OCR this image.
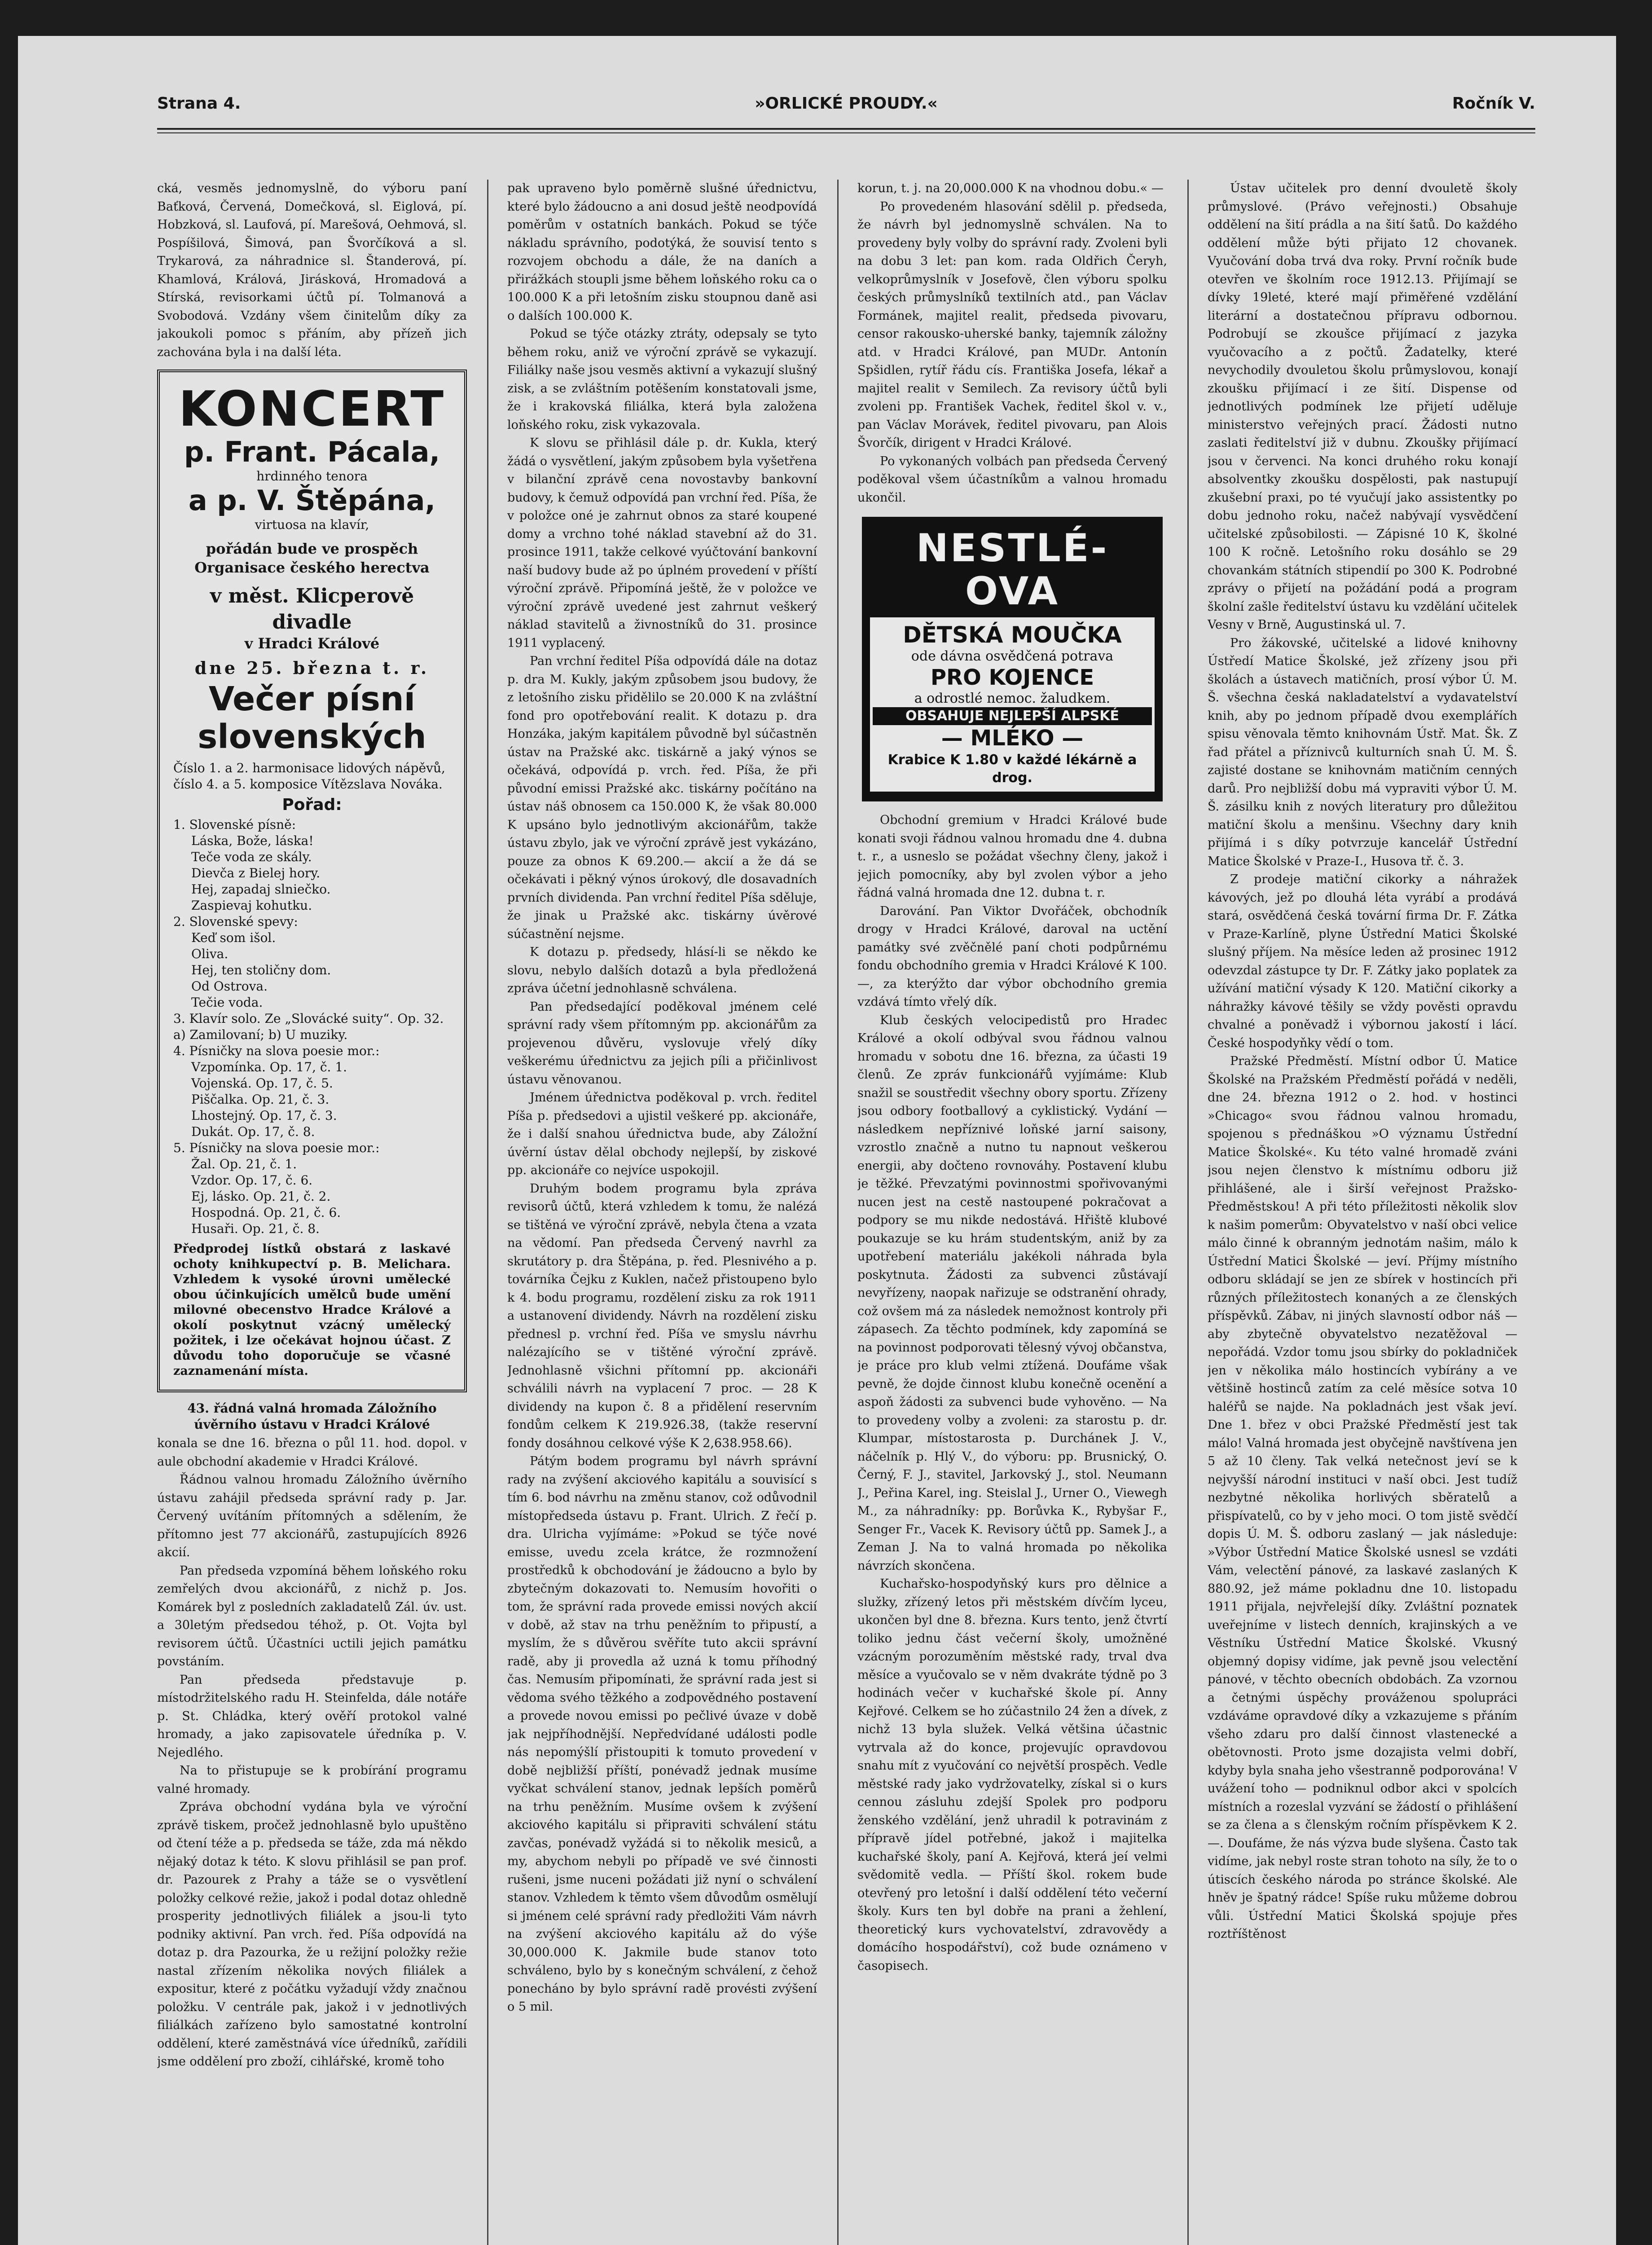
Strana 4.	»ORLICKÉ PROUDY.«	Ročník V.

cká, vesměs jednomyslně, do výboru paní Baťková, Červená, Domečková, sl. Eiglová, pí. Hobzková, sl. Laufová, pí. Marešová, Oehmová, sl. Pospíšilová, Šimová, pan Švorčíková a sl. Trykarová, za náhradnice sl. Štanderová, pí. Khamlová, Králová, Jirásková, Hromadová a Stírská, revisorkami účtů pí. Tolmanová a Svobodová. Vzdány všem činitelům díky za jakoukoli pomoc s přáním, aby přízeň jich zachována byla i na další léta.

KONCERT
p. Frant. Pácala,
hrdinného tenora
a p. V. Štěpána,
virtuosa na klavír,
pořádán bude ve prospěch Organisace českého herectva
v měst. Klicperově divadle
v Hradci Králové
dne 25. března t. r.
Večer písní
slovenských
Číslo 1. a 2. harmonisace lidových nápěvů, číslo 4. a 5. komposice Vítězslava Nováka.
Pořad:
1. Slovenské písně:
Láska, Bože, láska!
Teče voda ze skály.
Dievča z Bielej hory.
Hej, zapadaj slniečko.
Zaspievaj kohutku.
2. Slovenské spevy:
Keď som išol.
Oliva.
Hej, ten stoličny dom.
Od Ostrova.
Tečie voda.
3. Klavír solo. Ze „Slovácké suity“. Op. 32. a) Zamilovaní; b) U muziky.
4. Písničky na slova poesie mor.:
Vzpomínka. Op. 17, č. 1.
Vojenská. Op. 17, č. 5.
Piščalka. Op. 21, č. 3.
Lhostejný. Op. 17, č. 3.
Dukát. Op. 17, č. 8.
5. Písničky na slova poesie mor.:
Žal. Op. 21, č. 1.
Vzdor. Op. 17, č. 6.
Ej, lásko. Op. 21, č. 2.
Hospodná. Op. 21, č. 6.
Husaři. Op. 21, č. 8.
Předprodej lístků obstará z laskavé ochoty knihkupectví p. B. Melichara. Vzhledem k vysoké úrovni umělecké obou účinkujících umělců bude umění milovné obecenstvo Hradce Králové a okolí poskytnut vzácný umělecký požitek, i lze očekávat hojnou účast. Z důvodu toho doporučuje se včasné zaznamenání místa.
43. řádná valná hromada Záložního úvěrního ústavu v Hradci Králové

konala se dne 16. března o půl 11. hod. dopol. v aule obchodní akademie v Hradci Králové.

Řádnou valnou hromadu Záložního úvěrního ústavu zahájil předseda správní rady p. Jar. Červený uvítáním přítomných a sdělením, že přítomno jest 77 akcionářů, zastupujících 8926 akcií.

Pan předseda vzpomíná během loňského roku zemřelých dvou akcionářů, z nichž p. Jos. Komárek byl z posledních zakladatelů Zál. úv. ust. a 30letým předsedou téhož, p. Ot. Vojta byl revisorem účtů. Účastníci uctili jejich památku povstáním.

Pan předseda představuje p. místodržitelského radu H. Steinfelda, dále notáře p. St. Chládka, který ověří protokol valné hromady, a jako zapisovatele úředníka p. V. Nejedlého.

Na to přistupuje se k probírání programu valné hromady.

Zpráva obchodní vydána byla ve výroční zprávě tiskem, pročež jednohlasně bylo upuštěno od čtení téže a p. předseda se táže, zda má někdo nějaký dotaz k této. K slovu přihlásil se pan prof. dr. Pazourek z Prahy a táže se o vysvětlení položky celkové režie, jakož i podal dotaz ohledně prosperity jednotlivých filiálek a jsou-li tyto podniky aktivní. Pan vrch. řed. Píša odpovídá na dotaz p. dra Pazourka, že u režijní položky režie nastal zřízením několika nových filiálek a expositur, které z počátku vyžadují vždy značnou položku. V centrále pak, jakož i v jednotlivých filiálkách zařízeno bylo samostatné kontrolní oddělení, které zaměstnává více úředníků, zařídili jsme oddělení pro zboží, cihlářské, kromě toho

pak upraveno bylo poměrně slušné úřednictvu, které bylo žádoucno a ani dosud ještě neodpovídá poměrům v ostatních bankách. Pokud se týče nákladu správního, podotýká, že souvisí tento s rozvojem obchodu a dále, že na daních a přirážkách stoupli jsme během loňského roku ca o 100.000 K a při letošním zisku stoupnou daně asi o dalších 100.000 K.

Pokud se týče otázky ztráty, odepsaly se tyto během roku, aniž ve výroční zprávě se vykazují. Filiálky naše jsou vesměs aktivní a vykazují slušný zisk, a se zvláštním potěšením konstatovali jsme, že i krakovská filiálka, která byla založena loňského roku, zisk vykazovala.

K slovu se přihlásil dále p. dr. Kukla, který žádá o vysvětlení, jakým způsobem byla vyšetřena v bilanční zprávě cena novostavby bankovní budovy, k čemuž odpovídá pan vrchní řed. Píša, že v položce oné je zahrnut obnos za staré koupené domy a vrchno tohé náklad stavební až do 31. prosince 1911, takže celkové vyúčtování bankovní naší budovy bude až po úplném provedení v příští výroční zprávě. Připomíná ještě, že v položce ve výroční zprávě uvedené jest zahrnut veškerý náklad stavitelů a živnostníků do 31. prosince 1911 vyplacený.

Pan vrchní ředitel Píša odpovídá dále na dotaz p. dra M. Kukly, jakým způsobem jsou budovy, že z letošního zisku přidělilo se 20.000 K na zvláštní fond pro opotřebování realit. K dotazu p. dra Honzáka, jakým kapitálem původně byl súčastněn ústav na Pražské akc. tiskárně a jaký výnos se očekává, odpovídá p. vrch. řed. Píša, že při původní emissi Pražské akc. tiskárny počítáno na ústav náš obnosem ca 150.000 K, že však 80.000 K upsáno bylo jednotlivým akcionářům, takže ústavu zbylo, jak ve výroční zprávě jest vykázáno, pouze za obnos K 69.200.— akcií a že dá se očekávati i pěkný výnos úrokový, dle dosavadních prvních dividenda. Pan vrchní ředitel Píša sděluje, že jinak u Pražské akc. tiskárny úvěrové súčastnění nejsme.

K dotazu p. předsedy, hlásí-li se někdo ke slovu, nebylo dalších dotazů a byla předložená zpráva účetní jednohlasně schválena.

Pan předsedající poděkoval jménem celé správní rady všem přítomným pp. akcionářům za projevenou důvěru, vyslovuje vřelý díky veškerému úřednictvu za jejich píli a přičinlivost ústavu věnovanou.

Jménem úřednictva poděkoval p. vrch. ředitel Píša p. předsedovi a ujistil veškeré pp. akcionáře, že i další snahou úřednictva bude, aby Záložní úvěrní ústav dělal obchody nejlepší, by ziskové pp. akcionáře co nejvíce uspokojil.

Druhým bodem programu byla zpráva revisorů účtů, která vzhledem k tomu, že nalézá se tištěná ve výroční zprávě, nebyla čtena a vzata na vědomí. Pan předseda Červený navrhl za skrutátory p. dra Štěpána, p. řed. Plesnivého a p. továrníka Čejku z Kuklen, načež přistoupeno bylo k 4. bodu programu, rozdělení zisku za rok 1911 a ustanovení dividendy. Návrh na rozdělení zisku přednesl p. vrchní řed. Píša ve smyslu návrhu nalézajícího se v tištěné výroční zprávě. Jednohlasně všichni přítomní pp. akcionáři schválili návrh na vyplacení 7 proc. — 28 K dividendy na kupon č. 8 a přidělení reservním fondům celkem K 219.926.38, (takže reservní fondy dosáhnou celkové výše K 2,638.958.66).

Pátým bodem programu byl návrh správní rady na zvýšení akciového kapitálu a souvisící s tím 6. bod návrhu na změnu stanov, což odůvodnil místopředseda ústavu p. Frant. Ulrich. Z řečí p. dra. Ulricha vyjímáme: »Pokud se týče nové emisse, uvedu zcela krátce, že rozmnožení prostředků k obchodování je žádoucno a bylo by zbytečným dokazovati to. Nemusím hovořiti o tom, že správní rada provede emissi nových akcií v době, až stav na trhu peněžním to připustí, a myslím, že s důvěrou svěříte tuto akcii správní radě, aby ji provedla až uzná k tomu příhodný čas. Nemusím připomínati, že správní rada jest si vědoma svého těžkého a zodpovědného postavení a provede novou emissi po pečlivé úvaze v době jak nejpříhodnější. Nepředvídané události podle nás nepomýšlí přistoupiti k tomuto provedení v době nejbližší příští, ponévadž jednak musíme vyčkat schválení stanov, jednak lepších poměrů na trhu peněžním. Musíme ovšem k zvýšení akciového kapitálu si připraviti schválení státu zavčas, ponévadž vyžádá si to několik mesiců, a my, abychom nebyli po případě ve své činnosti rušeni, jsme nuceni požádati již nyní o schválení stanov. Vzhledem k těmto všem důvodům osmělují si jménem celé správní rady předložiti Vám návrh na zvýšení akciového kapitálu až do výše 30,000.000 K. Jakmile bude stanov toto schváleno, bylo by s konečným schválení, z čehož ponecháno by bylo správní radě provésti zvýšení o 5 mil.

korun, t. j. na 20,000.000 K na vhodnou dobu.« —

Po provedeném hlasování sdělil p. předseda, že návrh byl jednomyslně schválen. Na to provedeny byly volby do správní rady. Zvoleni byli na dobu 3 let: pan kom. rada Oldřich Čeryh, velkoprůmyslník v Josefově, člen výboru spolku českých průmyslníků textilních atd., pan Václav Formánek, majitel realit, předseda pivovaru, censor rakousko-uherské banky, tajemník záložny atd. v Hradci Králové, pan MUDr. Antonín Spšidlen, rytíř řádu cís. Františka Josefa, lékař a majitel realit v Semilech. Za revisory účtů byli zvoleni pp. František Vachek, ředitel škol v. v., pan Václav Morávek, ředitel pivovaru, pan Alois Švorčík, dirigent v Hradci Králové.

Po vykonaných volbách pan předseda Červený poděkoval všem účastníkům a valnou hromadu ukončil.

NESTLÉ-OVA
DĚTSKÁ MOUČKA
ode dávna osvědčená potrava
PRO KOJENCE
a odrostlé nemoc. žaludkem.
OBSAHUJE NEJLEPŠÍ ALPSKÉ
— MLÉKO —
Krabice K 1.80 v každé lékárně a drog.

Obchodní gremium v Hradci Králové bude konati svoji řádnou valnou hromadu dne 4. dubna t. r., a usneslo se požádat všechny členy, jakož i jejich pomocníky, aby byl zvolen výbor a jeho řádná valná hromada dne 12. dubna t. r.

Darování. Pan Viktor Dvořáček, obchodník drogy v Hradci Králové, daroval na uctění památky své zvěčnělé paní choti podpůrnému fondu obchodního gremia v Hradci Králové K 100.—, za kterýžto dar výbor obchodního gremia vzdává tímto vřelý dík.

Klub českých velocipedistů pro Hradec Králové a okolí odbýval svou řádnou valnou hromadu v sobotu dne 16. března, za účasti 19 členů. Ze zpráv funkcionářů vyjímáme: Klub snažil se soustředit všechny obory sportu. Zřízeny jsou odbory footballový a cyklistický. Vydání — následkem nepříznivé loňské jarní saisony, vzrostlo značně a nutno tu napnout veškerou energii, aby dočteno rovnováhy. Postavení klubu je těžké. Převzatými povinnostmi spořivovanými nucen jest na cestě nastoupené pokračovat a podpory se mu nikde nedostává. Hřiště klubové poukazuje se ku hrám studentským, aniž by za upotřebení materiálu jakékoli náhrada byla poskytnuta. Žádosti za subvenci zůstávají nevyřízeny, naopak nařizuje se odstranění ohrady, což ovšem má za následek nemožnost kontroly při zápasech. Za těchto podmínek, kdy zapomíná se na povinnost podporovati tělesný vývoj občanstva, je práce pro klub velmi ztížená. Doufáme však pevně, že dojde činnost klubu konečně ocenění a aspoň žádosti za subvenci bude vyhověno. — Na to provedeny volby a zvoleni: za starostu p. dr. Klumpar, místostarosta p. Durchánek J. V., náčelník p. Hlý V., do výboru: pp. Brusnický, O. Černý, F. J., stavitel, Jarkovský J., stol. Neumann J., Peřina Karel, ing. Steislal J., Urner O., Viewegh M., za náhradníky: pp. Borůvka K., Rybyšar F., Senger Fr., Vacek K. Revisory účtů pp. Samek J., a Zeman J. Na to valná hromada po několika návrzích skončena.

Kuchařsko-hospodyňský kurs pro dělnice a služky, zřízený letos při městském dívčím lyceu, ukončen byl dne 8. března. Kurs tento, jenž čtvrtí toliko jednu část večerní školy, umožněné vzácným porozuměním městské rady, trval dva měsíce a vyučovalo se v něm dvakráte týdně po 3 hodinách večer v kuchařské škole pí. Anny Kejřové. Celkem se ho zúčastnilo 24 žen a dívek, z nichž 13 byla služek. Velká většina účastnic vytrvala až do konce, projevujíc opravdovou snahu mít z vyučování co největší prospěch. Vedle městské rady jako vydržovatelky, získal si o kurs cennou zásluhu zdejší Spolek pro podporu ženského vzdělání, jenž uhradil k potravinám z přípravě jídel potřebné, jakož i majitelka kuchařské školy, paní A. Kejřová, která jeí velmi svědomitě vedla. — Příští škol. rokem bude otevřený pro letošní i další oddělení této večerní školy. Kurs ten byl dobře na prani a žehlení, theoretický kurs vychovatelství, zdravovědy a domácího hospodářství), což bude oznámeno v časopisech.

Ústav učitelek pro denní dvouletě školy průmyslové. (Právo veřejnosti.) Obsahuje oddělení na šití prádla a na šití šatů. Do každého oddělení může býti přijato 12 chovanek. Vyučování doba trvá dva roky. První ročník bude otevřen ve školním roce 1912.13. Přijímají se dívky 19leté, které mají přiměřené vzdělání literární a dostatečnou přípravu odbornou. Podrobují se zkoušce přijímací z jazyka vyučovacího a z počtů. Žadatelky, které nevychodily dvouletou školu průmyslovou, konají zkoušku přijímací i ze šití. Dispense od jednotlivých podmínek lze přijetí uděluje ministerstvo veřejných prací. Žádosti nutno zaslati ředitelství již v dubnu. Zkoušky přijímací jsou v červenci. Na konci druhého roku konají absolventky zkoušku dospělosti, pak nastupují zkušební praxi, po té vyučují jako assistentky po dobu jednoho roku, načež nabývají vysvědčení učitelské způsobilosti. — Zápisné 10 K, školné 100 K ročně. Letošního roku dosáhlo se 29 chovankám státních stipendií po 300 K. Podrobné zprávy o přijetí na požádání podá a program školní zašle ředitelství ústavu ku vzdělání učitelek Vesny v Brně, Augustinská ul. 7.

Pro žákovské, učitelské a lidové knihovny Ústředí Matice Školské, jež zřízeny jsou při školách a ústavech matičních, prosí výbor Ú. M. Š. všechna česká nakladatelství a vydavatelství knih, aby po jednom případě dvou exemplářích spisu věnovala těmto knihovnám Ústř. Mat. Šk. Z řad přátel a příznivců kulturních snah Ú. M. Š. zajisté dostane se knihovnám matičním cenných darů. Pro nejbližší dobu má vypraviti výbor Ú. M. Š. zásilku knih z nových literatury pro důležitou matiční školu a menšinu. Všechny dary knih přijímá i s díky potvrzuje kancelář Ústřední Matice Školské v Praze-I., Husova tř. č. 3.

Z prodeje matiční cikorky a náhražek kávových, jež po dlouhá léta vyrábí a prodává stará, osvědčená česká tovární firma Dr. F. Zátka v Praze-Karlíně, plyne Ústřední Matici Školské slušný příjem. Na měsíce leden až prosinec 1912 odevzdal zástupce ty Dr. F. Zátky jako poplatek za užívání matiční výsady K 120. Matiční cikorky a náhražky kávové těšily se vždy pověsti opravdu chvalné a poněvadž i výbornou jakostí i lácí. České hospodyňky vědí o tom.

Pražské Předměstí. Místní odbor Ú. Matice Školské na Pražském Předměstí pořádá v neděli, dne 24. března 1912 o 2. hod. v hostinci »Chicago« svou řádnou valnou hromadu, spojenou s přednáškou »O významu Ústřední Matice Školské«. Ku této valné hromadě zváni jsou nejen členstvo k místnímu odboru již přihlášené, ale i širší veřejnost Pražsko-Předměstskou! A při této příležitosti několik slov k našim pomerům: Obyvatelstvo v naší obci velice málo činné k obranným jednotám našim, málo k Ústřední Matici Školské — jeví. Příjmy místního odboru skládají se jen ze sbírek v hostincích při různých příležitostech konaných a ze členských příspěvků. Zábav, ni jiných slavností odbor náš — aby zbytečně obyvatelstvo nezatěžoval — nepořádá. Vzdor tomu jsou sbírky do pokladniček jen v několika málo hostincích vybírány a ve většině hostinců zatím za celé měsíce sotva 10 haléřů se najde. Na pokladnách jest však jeví. Dne 1. břez v obci Pražské Předměstí jest tak málo! Valná hromada jest obyčejně navštívena jen 5 až 10 členy. Tak velká netečnost jeví se k nejvyšší národní instituci v naší obci. Jest tudíž nezbytné několika horlivých sběratelů a přispívatelů, co by v jeho moci. O tom jistě svědčí dopis Ú. M. Š. odboru zaslaný — jak následuje: »Výbor Ústřední Matice Školské usnesl se vzdáti Vám, velectění pánové, za laskavé zaslaných K 880.92, jež máme pokladnu dne 10. listopadu 1911 přijala, nejvřelejší díky. Zvláštní poznatek uveřejníme v listech denních, krajinských a ve Věstníku Ústřední Matice Školské. Vkusný objemný dopisy vidíme, jak pevně jsou velectění pánové, v těchto obecních obdobách. Za vzornou a četnými úspěchy prováženou spolupráci vzdáváme opravdové díky a vzkazujeme s přáním všeho zdaru pro další činnost vlastenecké a obětovnosti. Proto jsme dozajista velmi dobří, kdyby byla snaha jeho všestranně podporována! V uvážení toho — podniknul odbor akci v spolcích místních a rozeslal vyzvání se žádostí o přihlášení se za člena a s členským ročním příspěvkem K 2.—. Doufáme, že nás výzva bude slyšena. Často tak vidíme, jak nebyl roste stran tohoto na síly, že to o útiscích českého národa po stránce školské. Ale hněv je špatný rádce! Spíše ruku můžeme dobrou vůli. Ústřední Matici Školská spojuje přes roztříštěnost
